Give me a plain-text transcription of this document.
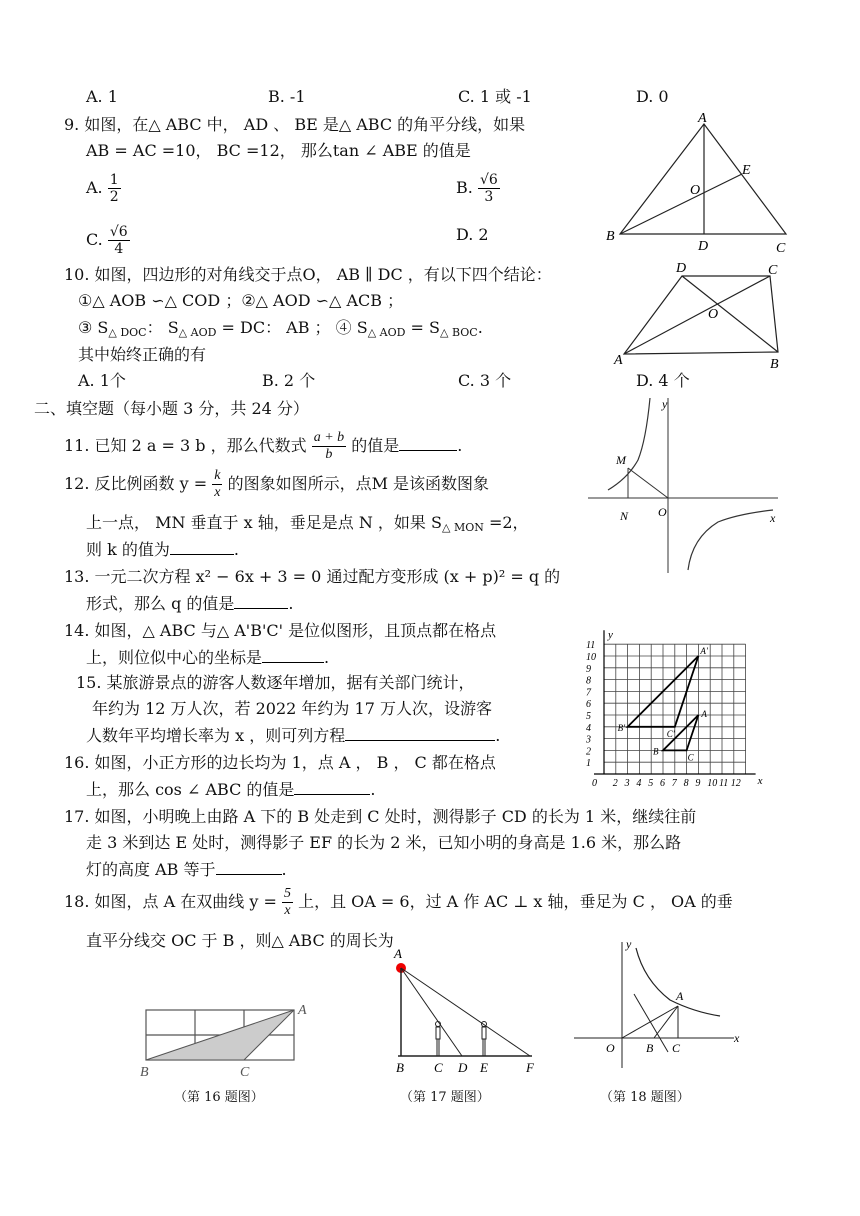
A. 1	B. -1	C. 1 或 -1	D. 0
9. 如图，在△ ABC 中， AD 、 BE 是△ ABC 的角平分线，如果
AB = AC =10， BC =12， 那么tan ∠ ABE 的值是
A. $\frac{1}{2}$	B. $\frac{√6}{3}$
C. $\frac{√6}{4}$	D. 2
A
E
O
B
D	C
10. 如图，四边形的对角线交于点O， AB ∥ DC ，有以下四个结论：
①△ AOB ∽△ COD ；②△ AOD ∽△ ACB ；
③ $S_{\triangle DOC}$： $S_{\triangle AOD}$ = DC： AB ； ④ $S_{\triangle AOD} = S_{\triangle BOC}$.
其中始终正确的有
A. 1个	B. 2 个	C. 3 个	D. 4 个
D	C
O
A	B
二、填空题（每小题 3 分，共 24 分）
11. 已知 2 a = 3 b ，那么代数式 $\frac{a + b}{b}$ 的值是	.
12. 反比例函数 $y = \frac{k}{x}$ 的图象如图所示，点M 是该函数图象
上一点， MN 垂直于 x 轴，垂足是点 N ，如果 $S_{\triangle MON} =2$，
则 k 的值为	.
y
M
N O	x
13. 一元二次方程 x² − 6x + 3 = 0 通过配方变形成 (x + p)² = q 的
形式，那么 q 的值是	.
14. 如图，△ ABC 与△ A'B'C' 是位似图形，且顶点都在格点
上，则位似中心的坐标是	.
11
10
9
8
7
6
5
4
3
2
1
0 2 3 4 5 6 7 8 9 10 11 12
y
x
A'
B'
C'
A
B
C
15. 某旅游景点的游客人数逐年增加，据有关部门统计，
年约为 12 万人次，若 2022 年约为 17 万人次，设游客
人数年平均增长率为 x ，则可列方程	.
16. 如图，小正方形的边长均为 1，点 A ， B ， C 都在格点
上，那么 cos ∠ ABC 的值是	.
17. 如图，小明晚上由路 A 下的 B 处走到 C 处时，测得影子 CD 的长为 1 米，继续往前
走 3 米到达 E 处时，测得影子 EF 的长为 2 米，已知小明的身高是 1.6 米，那么路
灯的高度 AB 等于	.
18. 如图，点 A 在双曲线 $y = \frac{5}{x}$ 上，且 OA = 6，过 A 作 AC ⊥ x 轴，垂足为 C ， OA 的垂
直平分线交 OC 于 B ，则△ ABC 的周长为
A
B	C
（第 16 题图）
A
B C D E	F
（第 17 题图）
y
A
O	B C
x
（第 18 题图）
